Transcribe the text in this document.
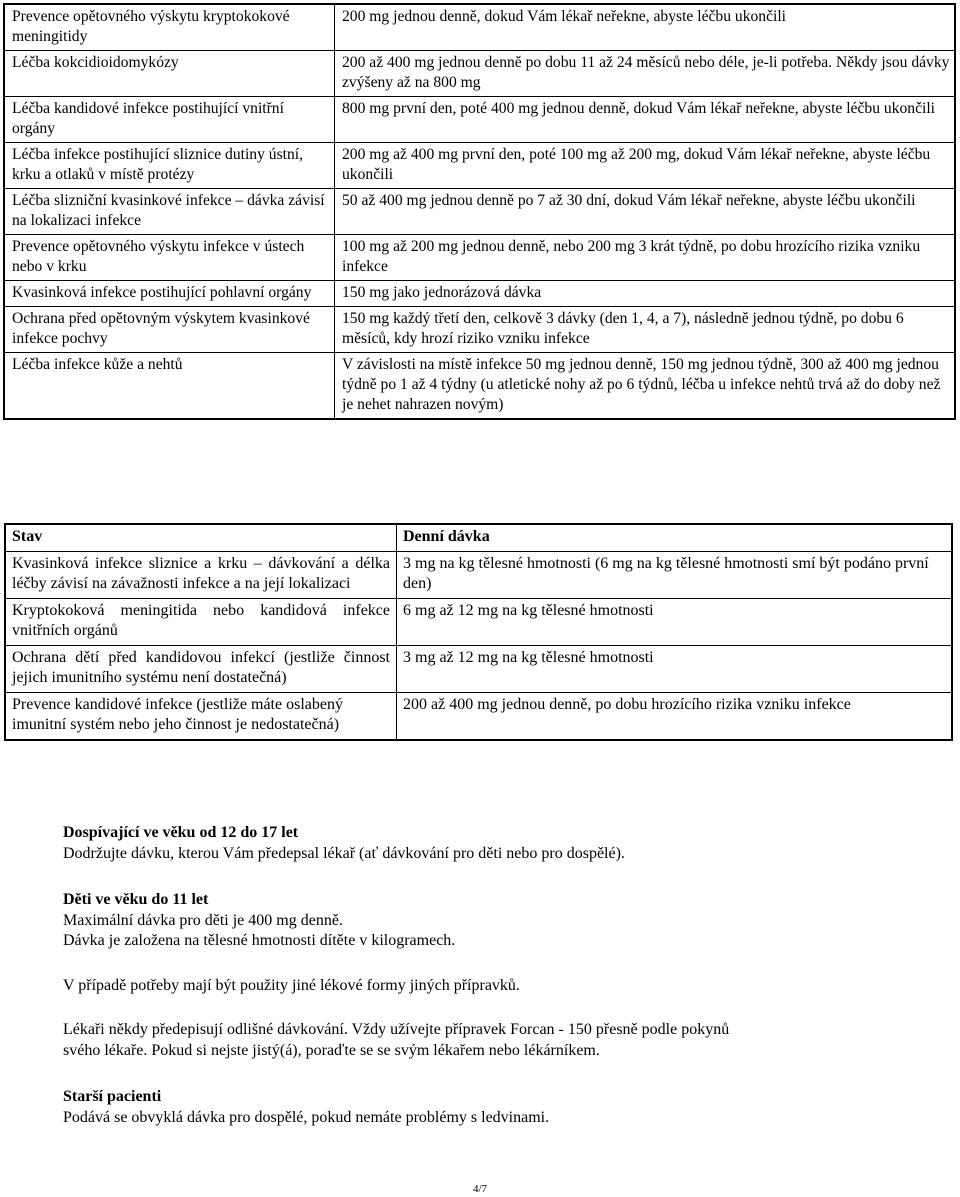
Prevence opětovného výskytu kryptokokové meningitidy	200 mg jednou denně, dokud Vám lékař neřekne, abyste léčbu ukončili
Léčba kokcidioidomykózy	200 až 400 mg jednou denně po dobu 11 až 24 měsíců nebo déle, je-li potřeba. Někdy jsou dávky zvýšeny až na 800 mg
Léčba kandidové infekce postihující vnitřní orgány	800 mg první den, poté 400 mg jednou denně, dokud Vám lékař neřekne, abyste léčbu ukončili
Léčba infekce postihující sliznice dutiny ústní, krku a otlaků v místě protézy	200 mg až 400 mg první den, poté 100 mg až 200 mg, dokud Vám lékař neřekne, abyste léčbu ukončili
Léčba slizniční kvasinkové infekce – dávka závisí na lokalizaci infekce	50 až 400 mg jednou denně po 7 až 30 dní, dokud Vám lékař neřekne, abyste léčbu ukončili
Prevence opětovného výskytu infekce v ústech nebo v krku	100 mg až 200 mg jednou denně, nebo 200 mg 3 krát týdně, po dobu hrozícího rizika vzniku infekce
Kvasinková infekce postihující pohlavní orgány	150 mg jako jednorázová dávka
Ochrana před opětovným výskytem kvasinkové infekce pochvy	150 mg každý třetí den, celkově 3 dávky (den 1, 4, a 7), následně jednou týdně, po dobu 6 měsíců, kdy hrozí riziko vzniku infekce
Léčba infekce kůže a nehtů	V závislosti na místě infekce 50 mg jednou denně, 150 mg jednou týdně, 300 až 400 mg jednou týdně po 1 až 4 týdny (u atletické nohy až po 6 týdnů, léčba u infekce nehtů trvá až do doby než je nehet nahrazen novým)
Stav	Denní dávka
Kvasinková infekce sliznice a krku – dávkování a délka léčby závisí na závažnosti infekce a na její lokalizaci	3 mg na kg tělesné hmotnosti (6 mg na kg tělesné hmotnosti smí být podáno první den)
Kryptokoková meningitida nebo kandidová infekce vnitřních orgánů	6 mg až 12 mg na kg tělesné hmotnosti
Ochrana dětí před kandidovou infekcí (jestliže činnost jejich imunitního systému není dostatečná)	3 mg až 12 mg na kg tělesné hmotnosti
Prevence kandidové infekce (jestliže máte oslabený imunitní systém nebo jeho činnost je nedostatečná)	200 až 400 mg jednou denně, po dobu hrozícího rizika vzniku infekce
Dospívající ve věku od 12 do 17 let
Dodržujte dávku, kterou Vám předepsal lékař (ať dávkování pro děti nebo pro dospělé).
Děti ve věku do 11 let
Maximální dávka pro děti je 400 mg denně.
Dávka je založena na tělesné hmotnosti dítěte v kilogramech.
V případě potřeby mají být použity jiné lékové formy jiných přípravků.
Lékaři někdy předepisují odlišné dávkování. Vždy užívejte přípravek Forcan - 150 přesně podle pokynů
svého lékaře. Pokud si nejste jistý(á), poraďte se se svým lékařem nebo lékárníkem.
Starší pacienti
Podává se obvyklá dávka pro dospělé, pokud nemáte problémy s ledvinami.
4/7
